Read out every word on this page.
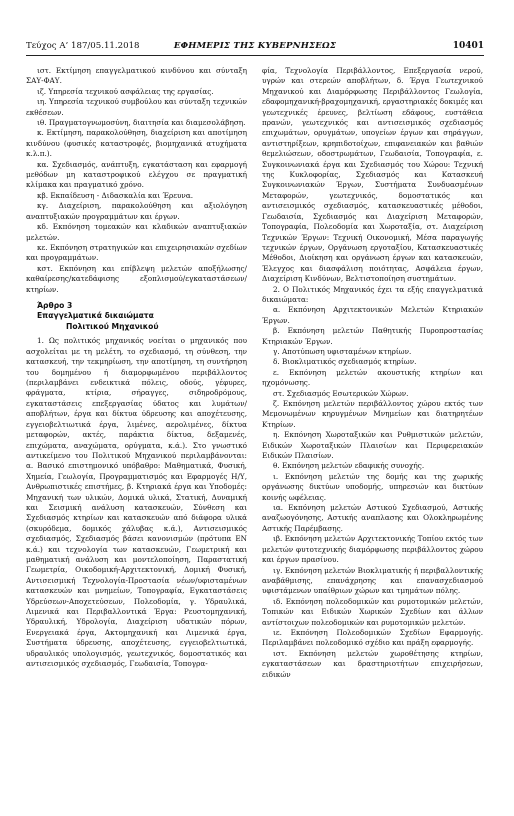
Τεύχος Α’ 187/05.11.2018	ΕΦΗΜΕΡΙΣ ΤΗΣ ΚΥΒΕΡΝΗΣΕΩΣ	10401

ιστ. Εκτίμηση επαγγελματικού κινδύνου και σύνταξη ΣΑΥ-ΦΑΥ.

ιζ. Υπηρεσία τεχνικού ασφάλειας της εργασίας.

ιη. Υπηρεσία τεχνικού συμβούλου και σύνταξη τεχνικών εκθέσεων.

ιθ. Πραγματογνωμοσύνη, διαιτησία και διαμεσολάβηση.

κ. Εκτίμηση, παρακολούθηση, διαχείριση και αποτίμηση κινδύνου (φυσικές καταστροφές, βιομηχανικά ατυχήματα κ.λ.π.).

κα. Σχεδιασμός, ανάπτυξη, εγκατάσταση και εφαρμογή μεθόδων μη καταστροφικού ελέγχου σε πραγματική κλίμακα και πραγματικό χρόνο.

κβ. Εκπαίδευση - Διδασκαλία και Έρευνα.

κγ. Διαχείριση, παρακολούθηση και αξιολόγηση αναπτυξιακών προγραμμάτων και έργων.

κδ. Εκπόνηση τομεακών και κλαδικών αναπτυξιακών μελετών.

κε. Εκπόνηση στρατηγικών και επιχειρησιακών σχεδίων και προγραμμάτων.

κστ. Εκπόνηση και επίβλεψη μελετών αποξήλωσης/καθαίρεσης/κατεδάφισης εξοπλισμού/εγκαταστάσεων/κτηρίων.

Άρθρο 3
Επαγγελματικά δικαιώματα
Πολιτικού Μηχανικού

1. Ως πολιτικός μηχανικός νοείται ο μηχανικός που ασχολείται με τη μελέτη, το σχεδιασμό, τη σύνθεση, την κατασκευή, την τεκμηρίωση, την αποτίμηση, τη συντήρηση του δομημένου ή διαμορφωμένου περιβάλλοντος (περιλαμβάνει ενδεικτικά πόλεις, οδούς, γέφυρες, φράγματα, κτίρια, σήραγγες, σιδηροδρόμους, εγκαταστάσεις επεξεργασίας ύδατος και λυμάτων/αποβλήτων, έργα και δίκτυα ύδρευσης και αποχέτευσης, εγγειοβελτιωτικά έργα, λιμένες, αερολιμένες, δίκτυα μεταφορών, ακτές, παράκτια δίκτυα, δεξαμενές, επιχώματα, αναχώματα, ορύγματα, κ.ά.). Στο γνωστικό αντικείμενο του Πολιτικού Μηχανικού περιλαμβάνονται: α. Βασικό επιστημονικό υπόβαθρο: Μαθηματικά, Φυσική, Χημεία, Γεωλογία, Προγραμματισμός και Εφαρμογές Η/Υ, Ανθρωπιστικές επιστήμες, β. Κτηριακά έργα και Υποδομές: Μηχανική των υλικών, Δομικά υλικά, Στατική, Δυναμική και Σεισμική ανάλυση κατασκευών, Σύνθεση και Σχεδιασμός κτηρίων και κατασκευών από διάφορα υλικά (σκυρόδεμα, δομικός χάλυβας κ.ά.), Αντισεισμικός σχεδιασμός, Σχεδιασμός βάσει κανονισμών (πρότυπα ΕΝ κ.ά.) και τεχνολογία των κατασκευών, Γεωμετρική και μαθηματική ανάλυση και μοντελοποίηση, Παραστατική Γεωμετρία, Οικοδομική-Αρχιτεκτονική, Δομική Φυσική, Αντισεισμική Τεχνολογία-Προστασία νέων/υφισταμένων κατασκευών και μνημείων, Τοπογραφία, Εγκαταστάσεις Υδρεύσεων-Αποχετεύσεων, Πολεοδομία, γ. Υδραυλικά, Λιμενικά και Περιβαλλοντικά Έργα: Ρευστομηχανική, Υδραυλική, Υδρολογία, Διαχείριση υδατικών πόρων, Ενεργειακά έργα, Ακτομηχανική και Λιμενικά έργα, Συστήματα ύδρευσης, αποχέτευσης, εγγειοβελτιωτικά, υδραυλικός υπολογισμός, γεωτεχνικός, δομοστατικός και αντισεισμικός σχεδιασμός, Γεωδαισία, Τοπογρα-

φία, Τεχνολογία Περιβάλλοντος, Επεξεργασία νερού, υγρών και στερεών αποβλήτων, δ. Έργα Γεωτεχνικού Μηχανικού και Διαμόρφωσης Περιβάλλοντος Γεωλογία, εδαφομηχανική-βραχομηχανική, εργαστηριακές δοκιμές και γεωτεχνικές έρευνες, βελτίωση εδάφους, ευστάθεια πρανών, γεωτεχνικός και αντισεισμικός σχεδιασμός επιχωμάτων, ορυγμάτων, υπογείων έργων και σηράγγων, αντιστηρίξεων, κρηπιδοτοίχων, επιφανειακών και βαθιών θεμελιώσεων, οδοστρωμάτων, Γεωδαισία, Τοπογραφία, ε. Συγκοινωνιακά έργα και Σχεδιασμός του Χώρου: Τεχνική της Κυκλοφορίας, Σχεδιασμός και Κατασκευή Συγκοινωνιακών Έργων, Συστήματα Συνδυασμένων Μεταφορών, γεωτεχνικός, δομοστατικός και αντισεισμικός σχεδιασμός, κατασκευαστικές μέθοδοι, Γεωδαισία, Σχεδιασμός και Διαχείριση Μεταφορών, Τοπογραφία, Πολεοδομία και Χωροταξία, στ. Διαχείριση Τεχνικών Έργων: Τεχνική Οικονομική, Μέσα παραγωγής τεχνικών έργων, Οργάνωση εργοταξίου, Κατασκευαστικές Μέθοδοι, Διοίκηση και οργάνωση έργων και κατασκευών, Έλεγχος και διασφάλιση ποιότητας, Ασφάλεια έργων, Διαχείριση Κινδύνων, Βελτιστοποίηση συστημάτων.

2. Ο Πολιτικός Μηχανικός έχει τα εξής επαγγελματικά δικαιώματα:

α. Εκπόνηση Αρχιτεκτονικών Μελετών Κτηριακών Έργων.

β. Εκπόνηση μελετών Παθητικής Πυροπροστασίας Κτηριακών Έργων.

γ. Αποτύπωση υφισταμένων κτηρίων.

δ. Βιοκλιματικός σχεδιασμός κτηρίων.

ε. Εκπόνηση μελετών ακουστικής κτηρίων και ηχομόνωσης.

στ. Σχεδιασμός Εσωτερικών Χώρων.

ζ. Εκπόνηση μελετών περιβάλλοντος χώρου εκτός των Μεμονωμένων κηρυγμένων Μνημείων και διατηρητέων Κτηρίων.

η. Εκπόνηση Χωροταξικών και Ρυθμιστικών μελετών, Ειδικών Χωροταξικών Πλαισίων και Περιφερειακών Ειδικών Πλαισίων.

θ. Εκπόνηση μελετών εδαφικής συνοχής.

ι. Εκπόνηση μελετών της δομής και της χωρικής οργάνωσης δικτύων υποδομής, υπηρεσιών και δικτύων κοινής ωφέλειας.

ια. Εκπόνηση μελετών Αστικού Σχεδιασμού, Αστικής αναζωογόνησης, Αστικής αναπλασης και Ολοκληρωμένης Αστικής Παρέμβασης.

ιβ. Εκπόνηση μελετών Αρχιτεκτονικής Τοπίου εκτός των μελετών φυτοτεχνικής διαμόρφωσης περιβάλλοντος χώρου και έργων πρασίνου.

ιγ. Εκπόνηση μελετών Βιοκλιματικής ή περιβαλλοντικής αναβάθμισης, επανάχρησης και επανασχεδιασμού υφιστάμενων υπαίθριων χώρων και τμημάτων πόλης.

ιδ. Εκπόνηση πολεοδομικών και ρυμοτομικών μελετών, Τοπικών και Ειδικών Χωρικών Σχεδίων και άλλων αντίστοιχων πολεοδομικών και ρυμοτομικών μελετών.

ιε. Εκπόνηση Πολεοδομικών Σχεδίων Εφαρμογής. Περιλαμβάνει πολεοδομικό σχέδιο και πράξη εφαρμογής.

ιστ. Εκπόνηση μελετών χωροθέτησης κτηρίων, εγκαταστάσεων και δραστηριοτήτων επιχειρήσεων, ειδικών
